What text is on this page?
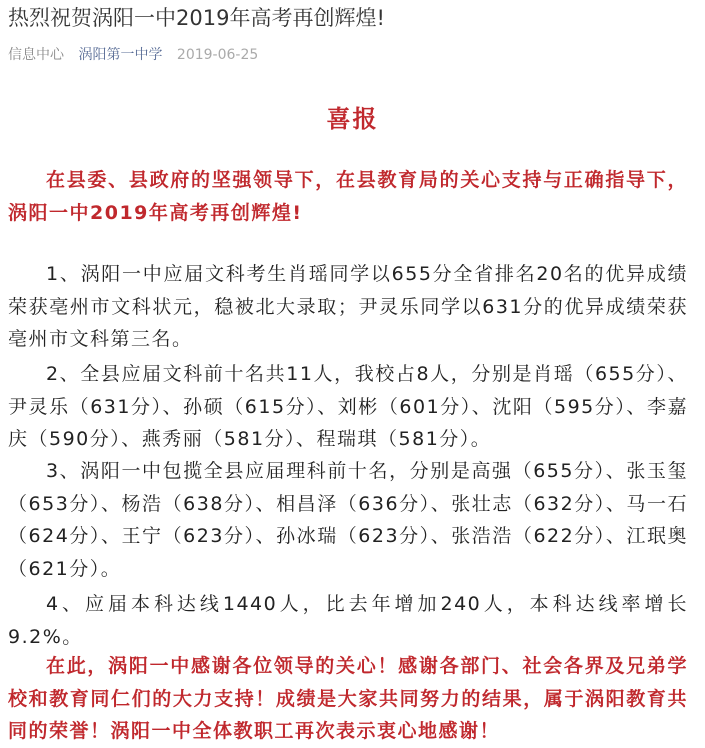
热烈祝贺涡阳一中2019年高考再创辉煌!
信息中心 涡阳第一中学 2019-06-25
喜报
在县委、县政府的坚强领导下，在县教育局的关心支持与正确指导下，涡阳一中2019年高考再创辉煌!
1、涡阳一中应届文科考生肖瑶同学以655分全省排名20名的优异成绩荣获亳州市文科状元，稳被北大录取；尹灵乐同学以631分的优异成绩荣获亳州市文科第三名。
2、全县应届文科前十名共11人，我校占8人，分别是肖瑶（655分）、尹灵乐（631分）、孙硕（615分）、刘彬（601分）、沈阳（595分）、李嘉庆（590分）、燕秀丽（581分）、程瑞琪（581分）。
3、涡阳一中包揽全县应届理科前十名，分别是高强（655分）、张玉玺（653分）、杨浩（638分）、相昌泽（636分）、张壮志（632分）、马一石（624分）、王宁（623分）、孙冰瑞（623分）、张浩浩（622分）、江珉奥（621分）。
4、应届本科达线1440人，比去年增加240人，本科达线率增长9.2%。
在此，涡阳一中感谢各位领导的关心！感谢各部门、社会各界及兄弟学校和教育同仁们的大力支持！成绩是大家共同努力的结果，属于涡阳教育共同的荣誉！涡阳一中全体教职工再次表示衷心地感谢！
